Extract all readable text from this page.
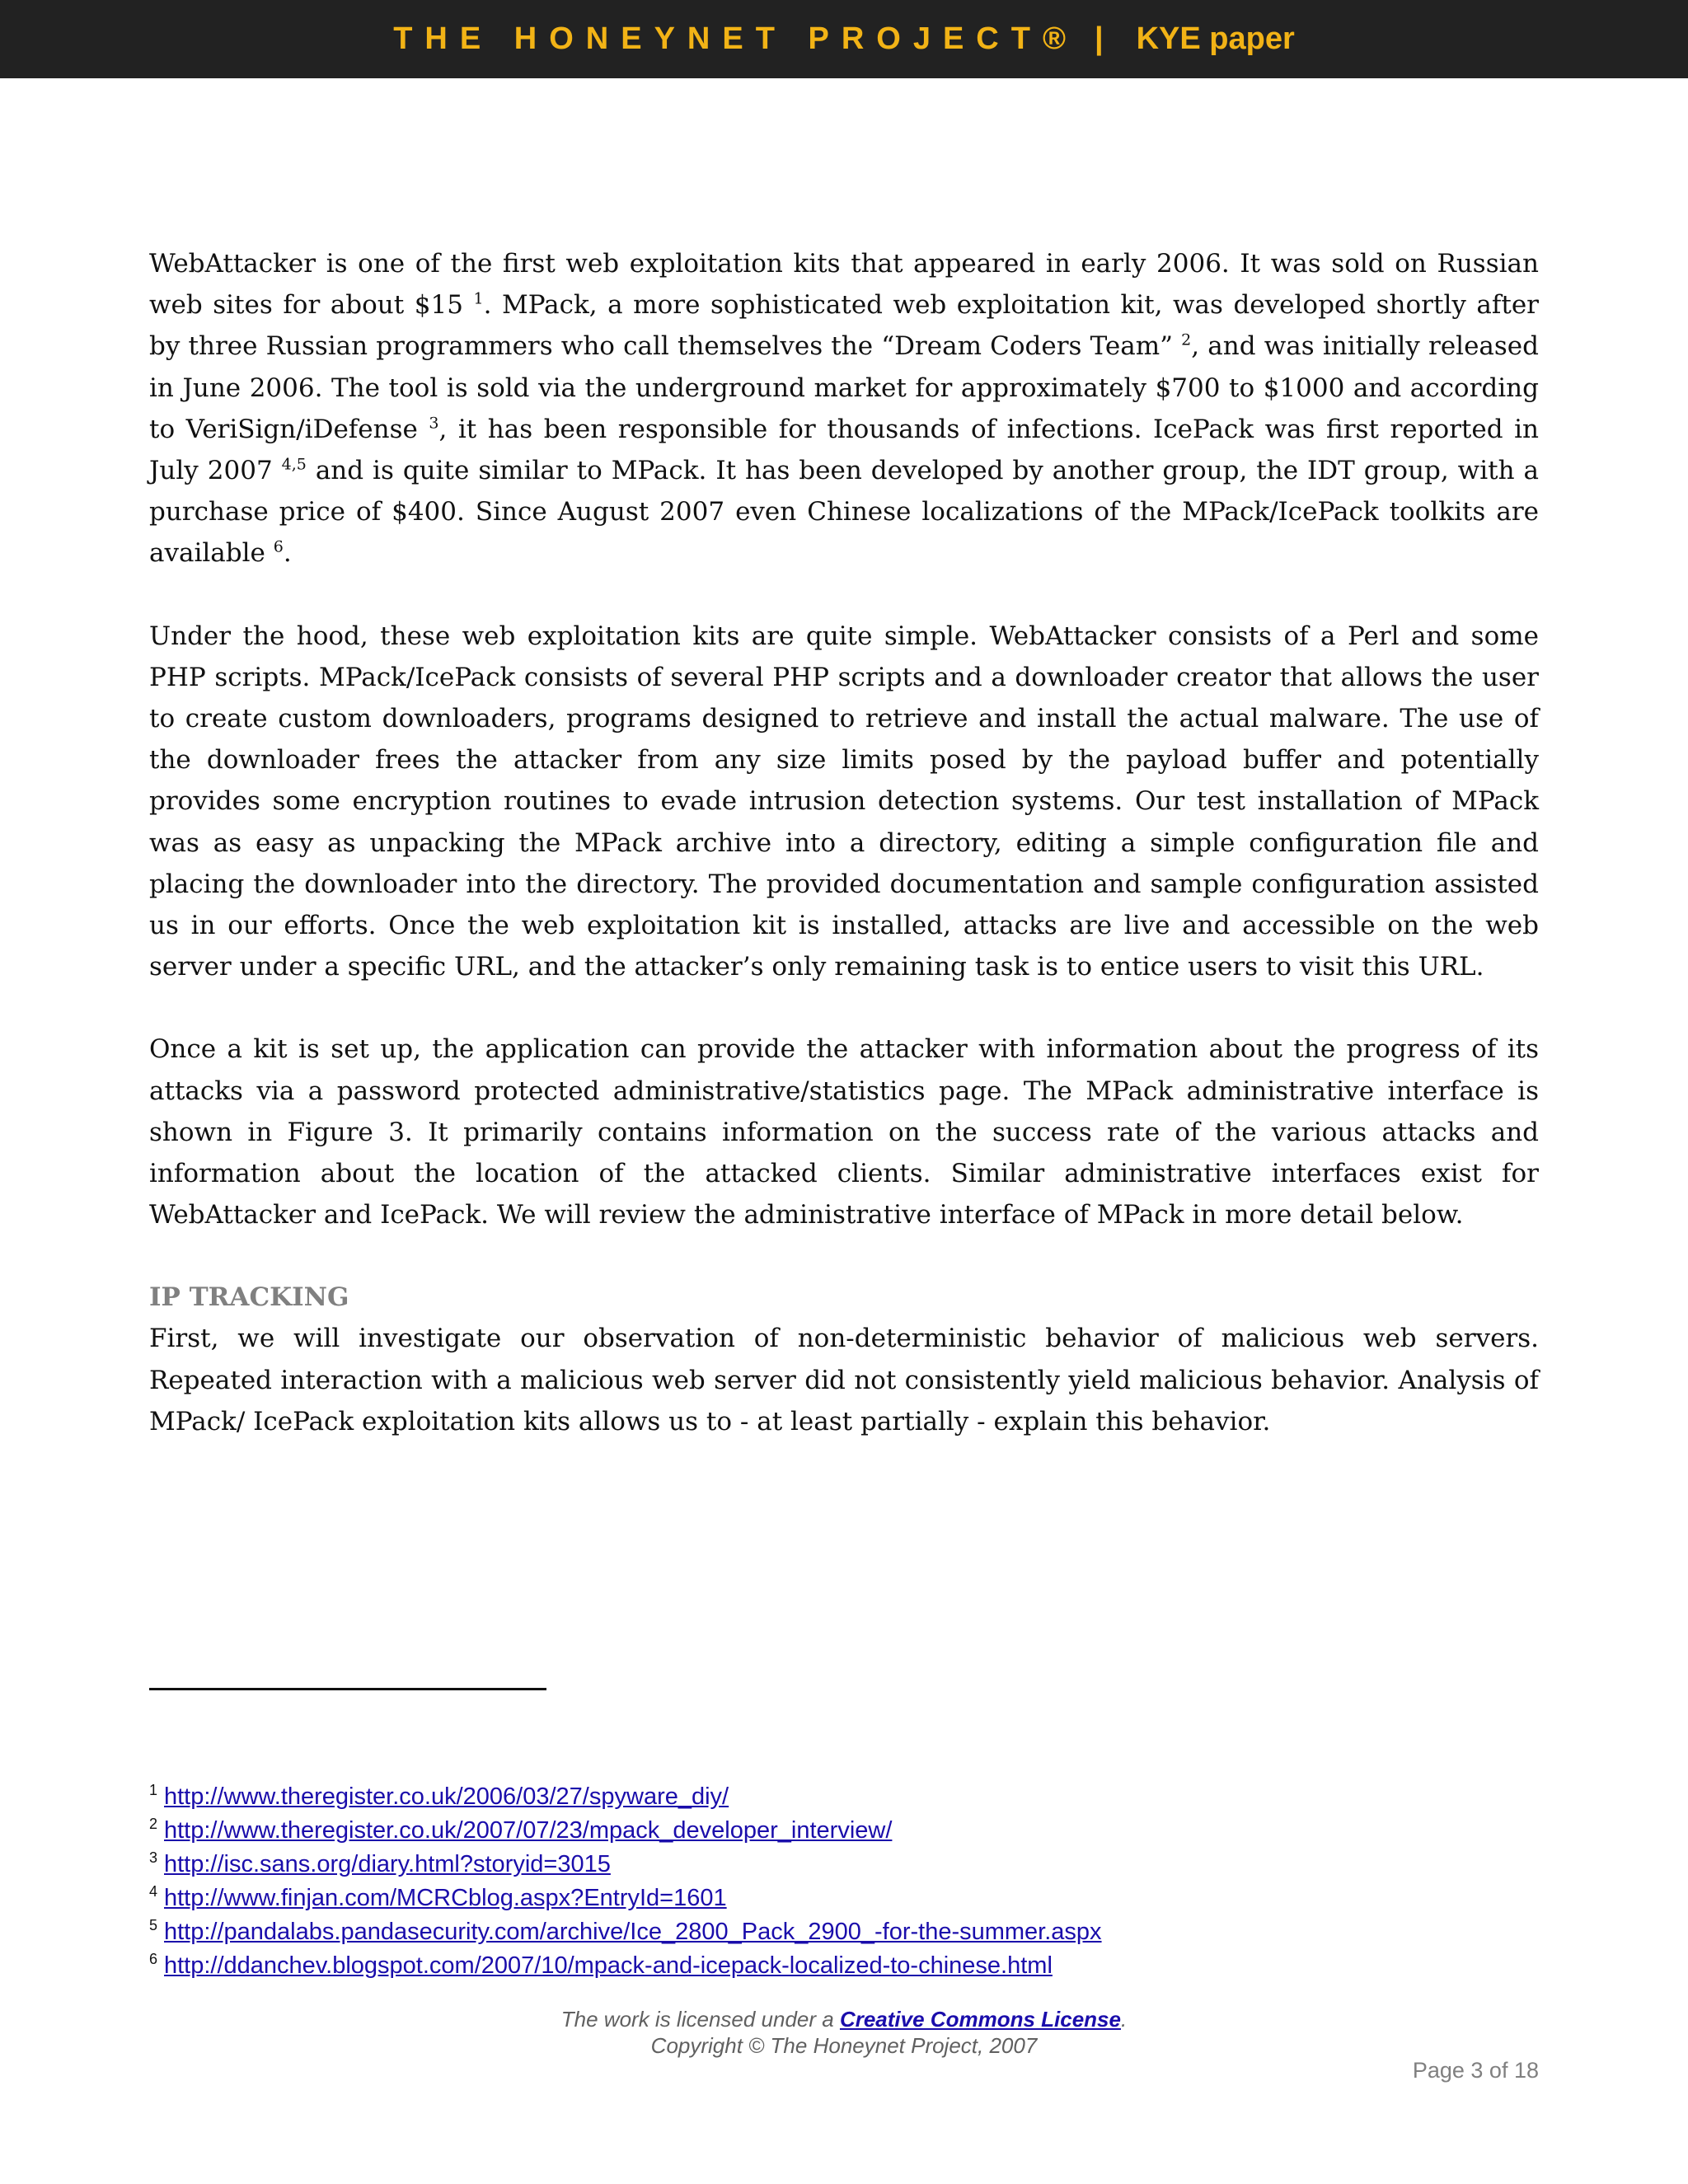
THE HONEYNET PROJECT® | KYE paper

WebAttacker is one of the first web exploitation kits that appeared in early 2006. It was sold on Russian web sites for about $15 $^1$. MPack, a more sophisticated web exploitation kit, was developed shortly after by three Russian programmers who call themselves the “Dream Coders Team” $^2$, and was initially released in June 2006. The tool is sold via the underground market for approximately $700 to $1000 and according to VeriSign/iDefense $^3$, it has been responsible for thousands of infections. IcePack was first reported in July 2007 $^{4,5}$ and is quite similar to MPack. It has been developed by another group, the IDT group, with a purchase price of $400. Since August 2007 even Chinese localizations of the MPack/IcePack toolkits are available $^6$.

Under the hood, these web exploitation kits are quite simple. WebAttacker consists of a Perl and some PHP scripts. MPack/IcePack consists of several PHP scripts and a downloader creator that allows the user to create custom downloaders, programs designed to retrieve and install the actual malware. The use of the downloader frees the attacker from any size limits posed by the payload buffer and potentially provides some encryption routines to evade intrusion detection systems. Our test installation of MPack was as easy as unpacking the MPack archive into a directory, editing a simple configuration file and placing the downloader into the directory. The provided documentation and sample configuration assisted us in our efforts. Once the web exploitation kit is installed, attacks are live and accessible on the web server under a specific URL, and the attacker’s only remaining task is to entice users to visit this URL.

Once a kit is set up, the application can provide the attacker with information about the progress of its attacks via a password protected administrative/statistics page. The MPack administrative interface is shown in Figure 3. It primarily contains information on the success rate of the various attacks and information about the location of the attacked clients. Similar administrative interfaces exist for WebAttacker and IcePack. We will review the administrative interface of MPack in more detail below.

IP TRACKING

First, we will investigate our observation of non-deterministic behavior of malicious web servers. Repeated interaction with a malicious web server did not consistently yield malicious behavior. Analysis of MPack/ IcePack exploitation kits allows us to - at least partially - explain this behavior.

1 http://www.theregister.co.uk/2006/03/27/spyware_diy/
2 http://www.theregister.co.uk/2007/07/23/mpack_developer_interview/
3 http://isc.sans.org/diary.html?storyid=3015
4 http://www.finjan.com/MCRCblog.aspx?EntryId=1601
5 http://pandalabs.pandasecurity.com/archive/Ice_2800_Pack_2900_-for-the-summer.aspx
6 http://ddanchev.blogspot.com/2007/10/mpack-and-icepack-localized-to-chinese.html
The work is licensed under a Creative Commons License.
Copyright © The Honeynet Project, 2007
Page 3 of 18
